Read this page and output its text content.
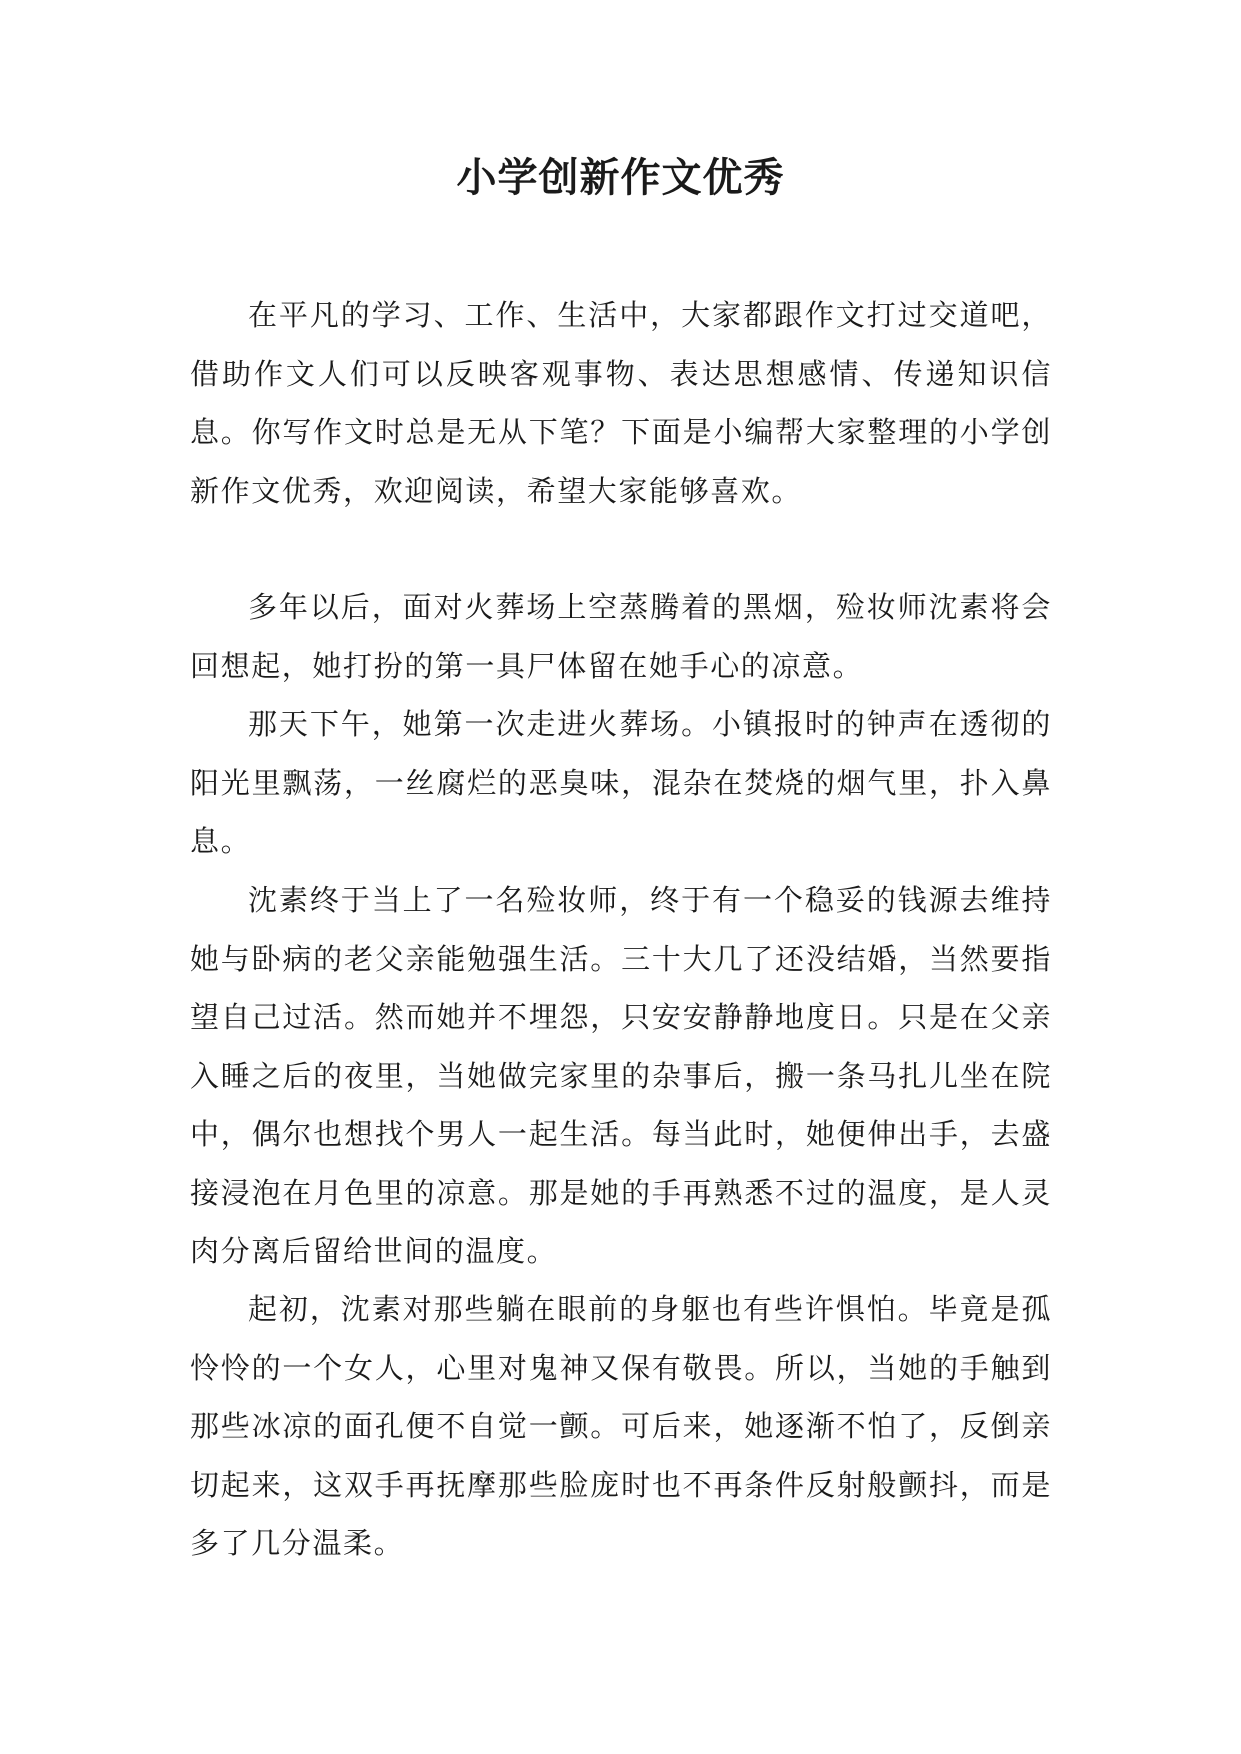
小学创新作文优秀

在平凡的学习、工作、生活中，大家都跟作文打过交道吧，借助作文人们可以反映客观事物、表达思想感情、传递知识信息。你写作文时总是无从下笔？下面是小编帮大家整理的小学创新作文优秀，欢迎阅读，希望大家能够喜欢。

多年以后，面对火葬场上空蒸腾着的黑烟，殓妆师沈素将会回想起，她打扮的第一具尸体留在她手心的凉意。

那天下午，她第一次走进火葬场。小镇报时的钟声在透彻的阳光里飘荡，一丝腐烂的恶臭味，混杂在焚烧的烟气里，扑入鼻息。

沈素终于当上了一名殓妆师，终于有一个稳妥的钱源去维持她与卧病的老父亲能勉强生活。三十大几了还没结婚，当然要指望自己过活。然而她并不埋怨，只安安静静地度日。只是在父亲入睡之后的夜里，当她做完家里的杂事后，搬一条马扎儿坐在院中，偶尔也想找个男人一起生活。每当此时，她便伸出手，去盛接浸泡在月色里的凉意。那是她的手再熟悉不过的温度，是人灵肉分离后留给世间的温度。

起初，沈素对那些躺在眼前的身躯也有些许惧怕。毕竟是孤怜怜的一个女人，心里对鬼神又保有敬畏。所以，当她的手触到那些冰凉的面孔便不自觉一颤。可后来，她逐渐不怕了，反倒亲切起来，这双手再抚摩那些脸庞时也不再条件反射般颤抖，而是多了几分温柔。
